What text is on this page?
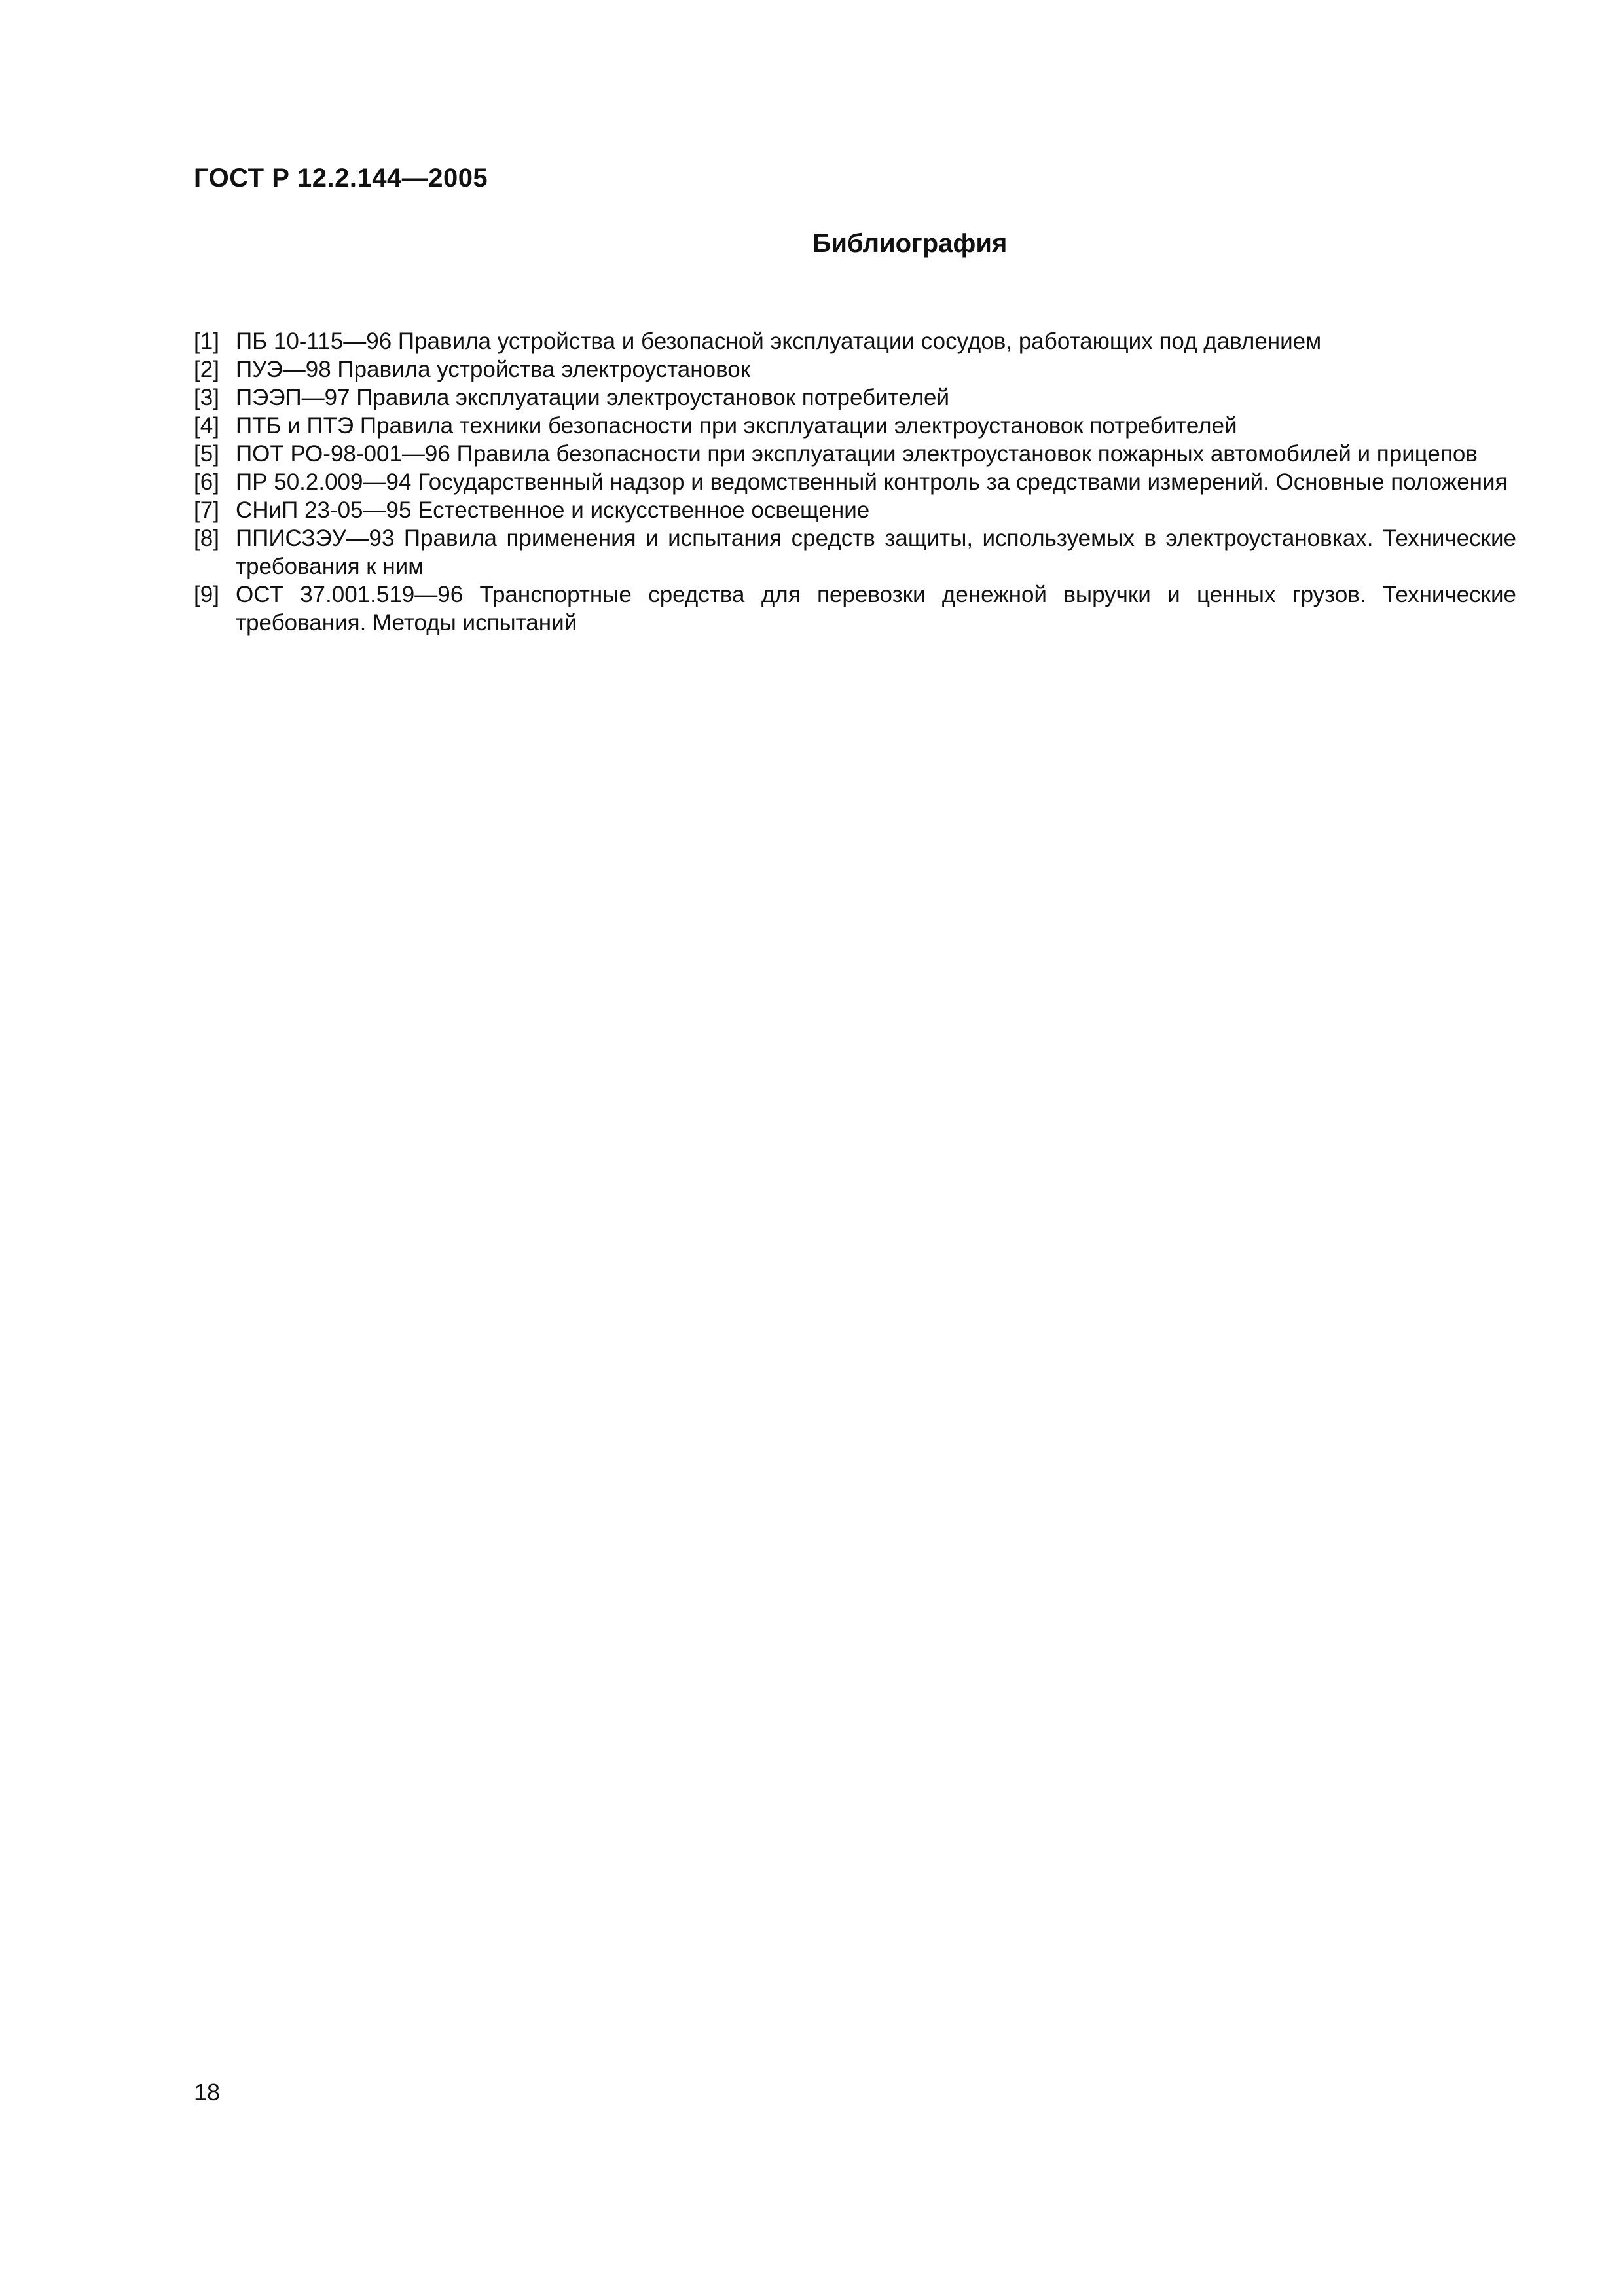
ГОСТ Р 12.2.144—2005
Библиография
[1] ПБ 10-115—96 Правила устройства и безопасной эксплуатации сосудов, работающих под давлением
[2] ПУЭ—98 Правила устройства электроустановок
[3] ПЭЭП—97 Правила эксплуатации электроустановок потребителей
[4] ПТБ и ПТЭ Правила техники безопасности при эксплуатации электроустановок потребителей
[5] ПОТ РО-98-001—96 Правила безопасности при эксплуатации электроустановок пожарных автомобилей и прицепов
[6] ПР 50.2.009—94 Государственный надзор и ведомственный контроль за средствами измерений. Основные положения
[7] СНиП 23-05—95 Естественное и искусственное освещение
[8] ППИСЗЭУ—93 Правила применения и испытания средств защиты, используемых в электроустановках. Технические требования к ним
[9] ОСТ 37.001.519—96 Транспортные средства для перевозки денежной выручки и ценных грузов. Технические требования. Методы испытаний

18
